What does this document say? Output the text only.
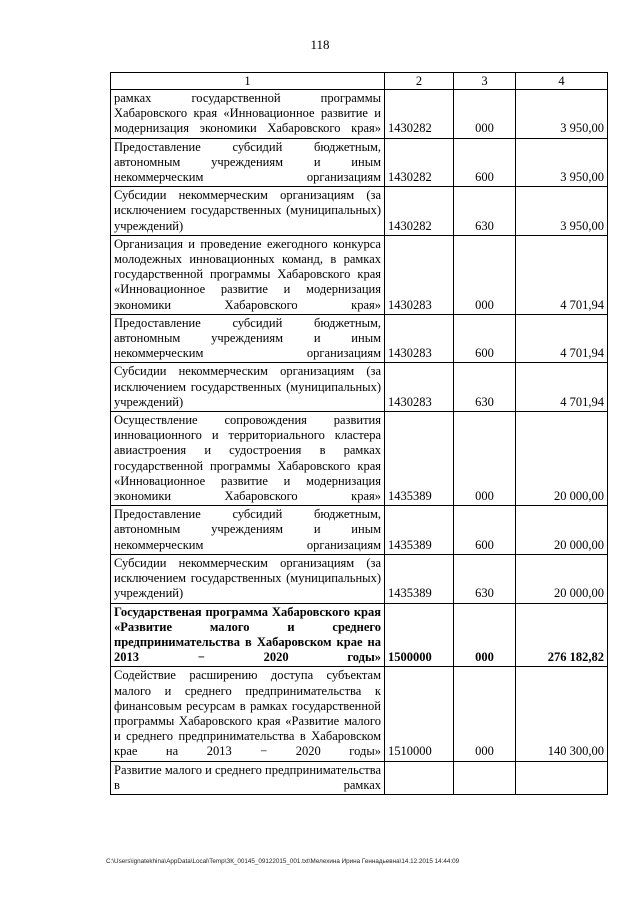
118
1	2	3	4
рамках государственной программы Хабаровского края «Инновационное развитие и модернизация экономики Хабаровского края»	1430282	000	3 950,00
Предоставление субсидий бюджетным, автономным учреждениям и иным некоммерческим организациям	1430282	600	3 950,00
Субсидии некоммерческим организациям (за исключением государственных (муниципальных) учреждений)	1430282	630	3 950,00
Организация и проведение ежегодного конкурса молодежных инновационных команд, в рамках государственной программы Хабаровского края «Инновационное развитие и модернизация экономики Хабаровского края»	1430283	000	4 701,94
Предоставление субсидий бюджетным, автономным учреждениям и иным некоммерческим организациям	1430283	600	4 701,94
Субсидии некоммерческим организациям (за исключением государственных (муниципальных) учреждений)	1430283	630	4 701,94
Осуществление сопровождения развития инновационного и территориального кластера авиастроения и судостроения в рамках государственной программы Хабаровского края «Инновационное развитие и модернизация экономики Хабаровского края»	1435389	000	20 000,00
Предоставление субсидий бюджетным, автономным учреждениям и иным некоммерческим организациям	1435389	600	20 000,00
Субсидии некоммерческим организациям (за исключением государственных (муниципальных) учреждений)	1435389	630	20 000,00
Государственая программа Хабаровского края «Развитие малого и среднего предпринимательства в Хабаровском крае на 2013 − 2020 годы»	1500000	000	276 182,82
Содействие расширению доступа субъектам малого и среднего предпринимательства к финансовым ресурсам в рамках государственной программы Хабаровского края «Развитие малого и среднего предпринимательства в Хабаровском крае на 2013 − 2020 годы»	1510000	000	140 300,00
Развитие малого и среднего предпринимательства в рамках			
C:\Users\ignatekhina\AppData\Local\Temp\ЗК_00145_09122015_001.txt\Мелехина Ирина Геннадьевна\14.12.2015 14:44:09
